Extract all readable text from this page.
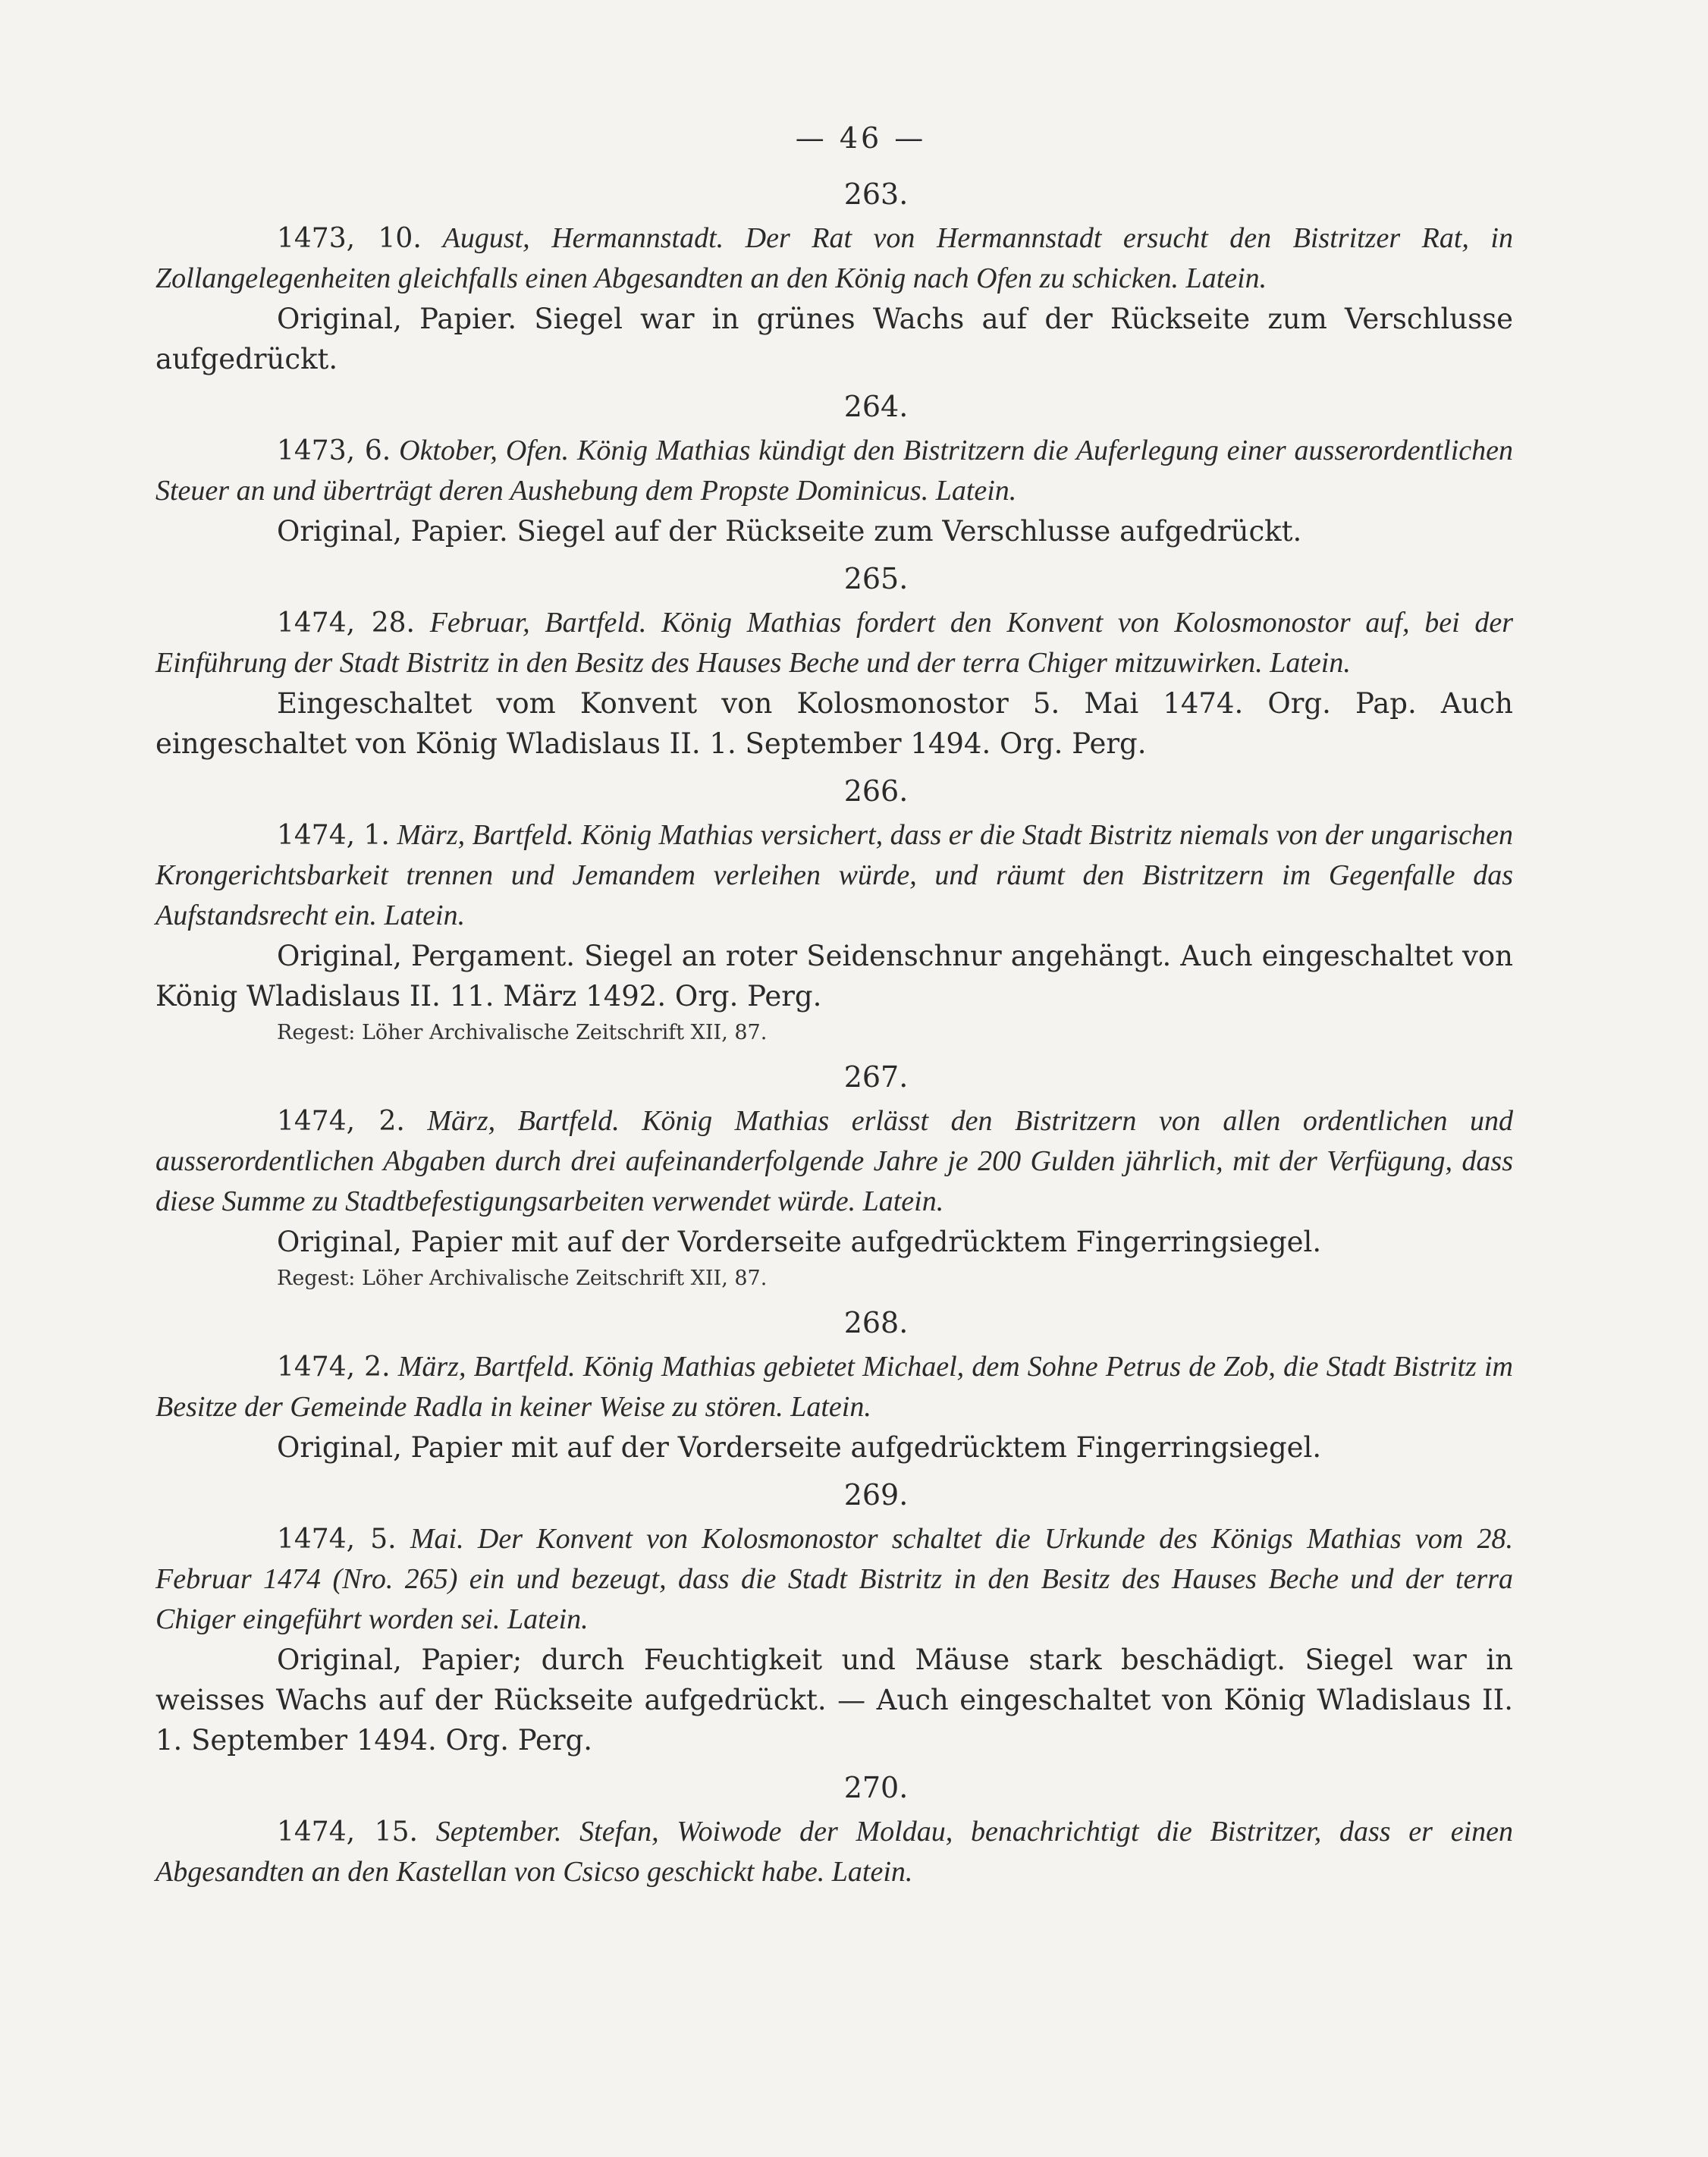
— 46 —
263.

1473, 10. August, Hermannstadt. Der Rat von Hermannstadt ersucht den Bistritzer Rat, in Zollangelegenheiten gleichfalls einen Abgesandten an den König nach Ofen zu schicken. Latein.

Original, Papier. Siegel war in grünes Wachs auf der Rückseite zum Verschlusse aufgedrückt.

264.

1473, 6. Oktober, Ofen. König Mathias kündigt den Bistritzern die Auferlegung einer ausserordentlichen Steuer an und überträgt deren Aushebung dem Propste Dominicus. Latein.

Original, Papier. Siegel auf der Rückseite zum Verschlusse aufgedrückt.

265.

1474, 28. Februar, Bartfeld. König Mathias fordert den Konvent von Kolosmonostor auf, bei der Einführung der Stadt Bistritz in den Besitz des Hauses Beche und der terra Chiger mitzuwirken. Latein.

Eingeschaltet vom Konvent von Kolosmonostor 5. Mai 1474. Org. Pap. Auch eingeschaltet von König Wladislaus II. 1. September 1494. Org. Perg.

266.

1474, 1. März, Bartfeld. König Mathias versichert, dass er die Stadt Bistritz niemals von der ungarischen Krongerichtsbarkeit trennen und Jemandem verleihen würde, und räumt den Bistritzern im Gegenfalle das Aufstandsrecht ein. Latein.

Original, Pergament. Siegel an roter Seidenschnur angehängt. Auch eingeschaltet von König Wladislaus II. 11. März 1492. Org. Perg.

Regest: Löher Archivalische Zeitschrift XII, 87.

267.

1474, 2. März, Bartfeld. König Mathias erlässt den Bistritzern von allen ordentlichen und ausserordentlichen Abgaben durch drei aufeinanderfolgende Jahre je 200 Gulden jährlich, mit der Verfügung, dass diese Summe zu Stadtbefestigungsarbeiten verwendet würde. Latein.

Original, Papier mit auf der Vorderseite aufgedrücktem Fingerringsiegel.

Regest: Löher Archivalische Zeitschrift XII, 87.

268.

1474, 2. März, Bartfeld. König Mathias gebietet Michael, dem Sohne Petrus de Zob, die Stadt Bistritz im Besitze der Gemeinde Radla in keiner Weise zu stören. Latein.

Original, Papier mit auf der Vorderseite aufgedrücktem Fingerringsiegel.

269.

1474, 5. Mai. Der Konvent von Kolosmonostor schaltet die Urkunde des Königs Mathias vom 28. Februar 1474 (Nro. 265) ein und bezeugt, dass die Stadt Bistritz in den Besitz des Hauses Beche und der terra Chiger eingeführt worden sei. Latein.

Original, Papier; durch Feuchtigkeit und Mäuse stark beschädigt. Siegel war in weisses Wachs auf der Rückseite aufgedrückt. — Auch eingeschaltet von König Wladislaus II. 1. September 1494. Org. Perg.

270.

1474, 15. September. Stefan, Woiwode der Moldau, benachrichtigt die Bistritzer, dass er einen Abgesandten an den Kastellan von Csicso geschickt habe. Latein.
